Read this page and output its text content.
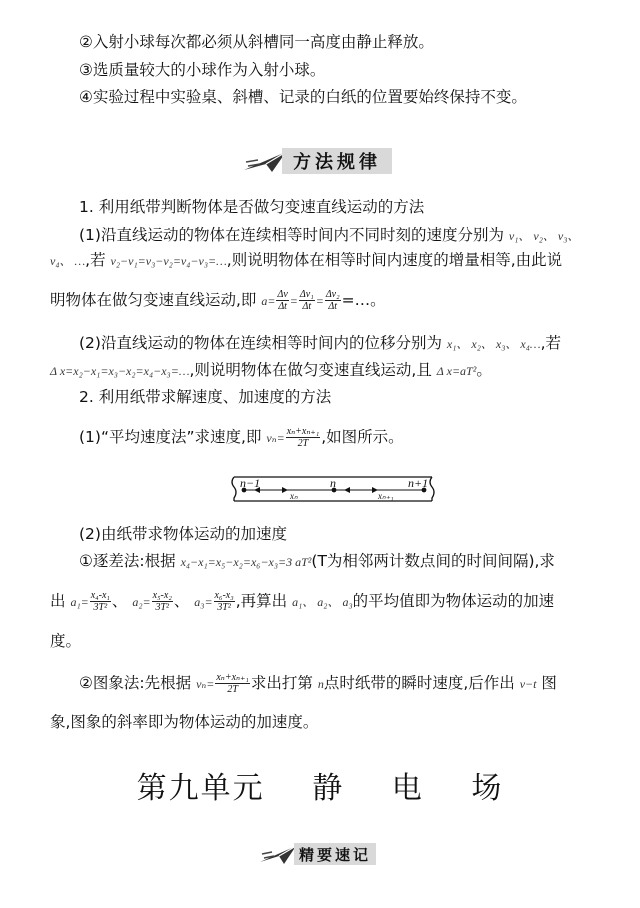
②入射小球每次都必须从斜槽同一高度由静止释放。
③选质量较大的小球作为入射小球。
④实验过程中实验桌、斜槽、记录的白纸的位置要始终保持不变。
方法规律
1. 利用纸带判断物体是否做匀变速直线运动的方法
(1)沿直线运动的物体在连续相等时间内不同时刻的速度分别为 v₁、 v₂、 v₃、
v₄、 …,若 v₂−v₁=v₃−v₂=v₄−v₃=…,则说明物体在相等时间内速度的增量相等,由此说
明物体在做匀变速直线运动,即 $a= \frac{\Delta v}{\Delta t} = \frac{\text{Δv₁}}{\Delta t} = \frac{\text{Δv₂}}{\Delta t}$ =…。
(2)沿直线运动的物体在连续相等时间内的位移分别为 x₁、 x₂、 x₃、 x₄…,若
Δ x=x₂−x₁=x₃−x₂=x₄−x₃=…,则说明物体在做匀变速直线运动,且 Δ x=aT²。
2. 利用纸带求解速度、加速度的方法
(1)“平均速度法”求速度,即 $v_n= \frac{\text{xₙ+xₙ₊₁}}{2T}$ ,如图所示。
n−1	n	n+1
xₙ	xₙ₊₁
(2)由纸带求物体运动的加速度
①逐差法:根据 x₄−x₁=x₅−x₂=x₆−x₃=3 aT²(T为相邻两计数点间的时间间隔),求
出 $a_1= \frac{\text{x₄-x₁}}{\text{3T²}}$ 、 $a_2= \frac{\text{x₅-x₂}}{\text{3T²}}$ 、 $a_3= \frac{\text{x₆-x₃}}{\text{3T²}}$ ,再算出 a₁、 a₂、 a₃的平均值即为物体运动的加速
度。
②图象法:先根据 $v_n= \frac{\text{xₙ+xₙ₊₁}}{2T}$ 求出打第 n点时纸带的瞬时速度,后作出 v−t 图
象,图象的斜率即为物体运动的加速度。
第九单元 静 电 场
精要速记
